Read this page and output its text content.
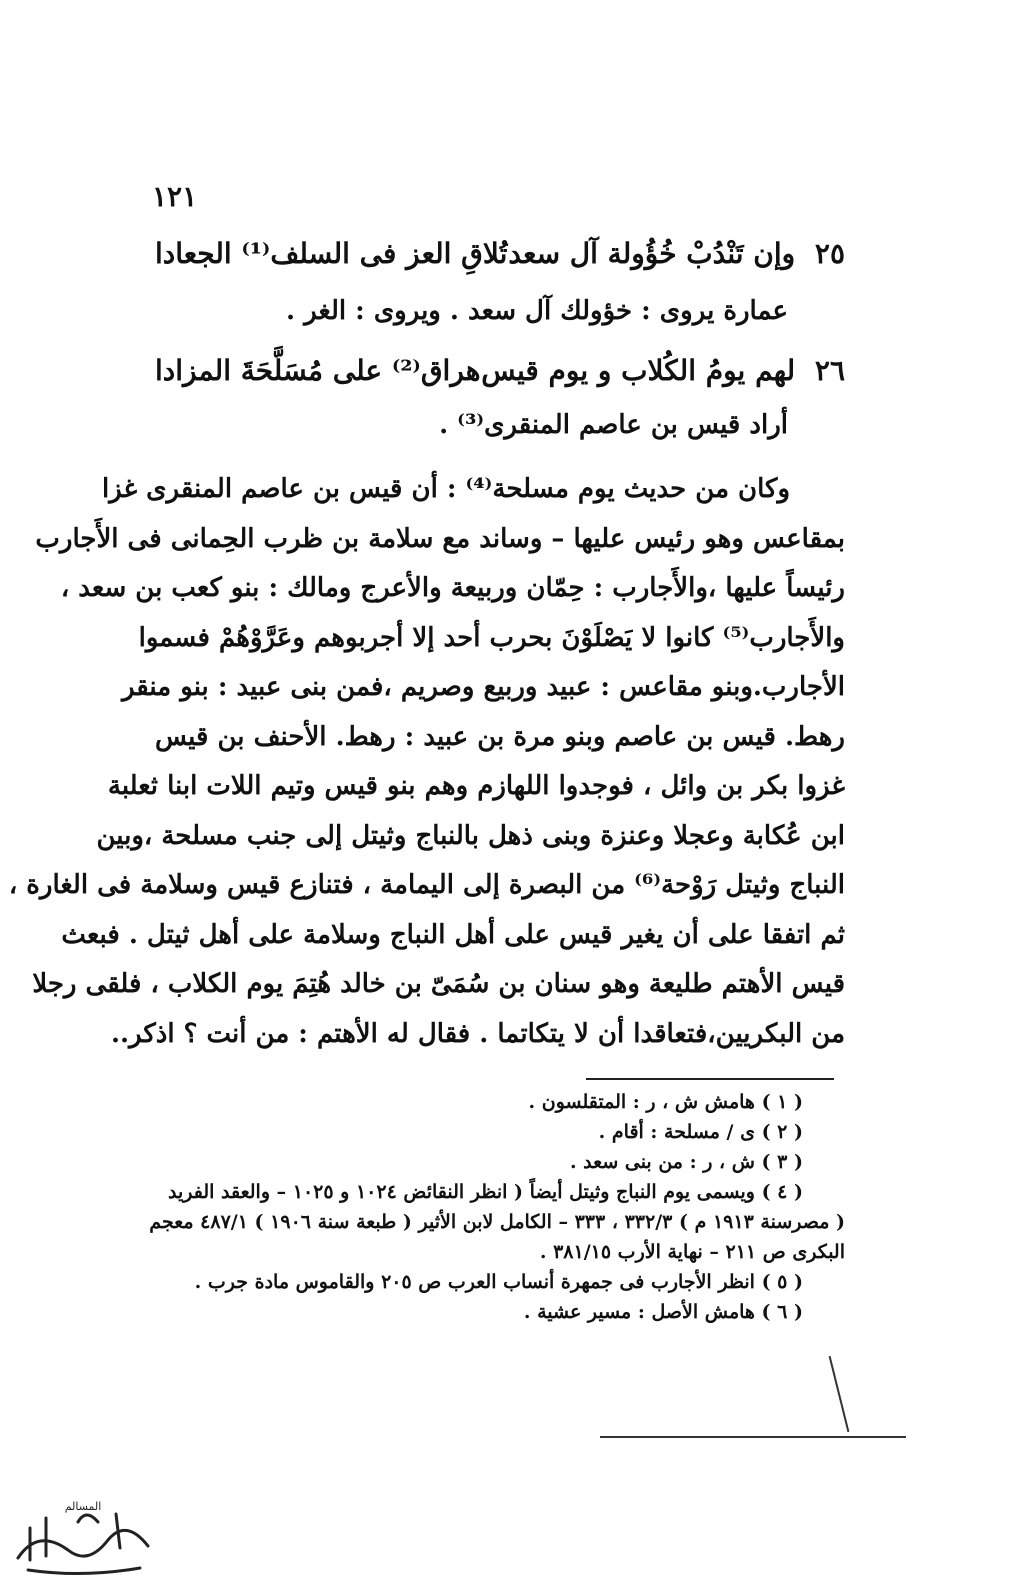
١٢١
٢٥ وإن تَنْدُبْ خُؤُولة آل سعد
تُلاقِ العز فى السلف⁽¹⁾ الجعادا
عمارة يروى : خؤولك آل سعد . ويروى : الغر .
٢٦ لهم يومُ الكُلاب و يوم قيس
هراق⁽²⁾ على مُسَلَّحَةَ المزادا
أراد قيس بن عاصم المنقرى⁽³⁾ .
وكان من حديث يوم مسلحة⁽⁴⁾ : أن قيس بن عاصم المنقرى غزا
بمقاعس وهو رئيس عليها – وساند مع سلامة بن ظرب الحِمانى فى الأَجارب
رئيساً عليها ،والأَجارب : حِمّان وربيعة والأعرج ومالك : بنو كعب بن سعد ،
والأَجارب⁽⁵⁾ كانوا لا يَصْلَوْنَ بحرب أحد إلا أجربوهم وعَرَّوْهُمْ فسموا
الأجارب.وبنو مقاعس : عبيد وربيع وصريم ،فمن بنى عبيد : بنو منقر
رهط. قيس بن عاصم وبنو مرة بن عبيد : رهط. الأحنف بن قيس
غزوا بكر بن وائل ، فوجدوا اللهازم وهم بنو قيس وتيم اللات ابنا ثعلبة
ابن عُكابة وعجلا وعنزة وبنى ذهل بالنباج وثيتل إلى جنب مسلحة ،وبين
النباج وثيتل رَوْحة⁽⁶⁾ من البصرة إلى اليمامة ، فتنازع قيس وسلامة فى الغارة ،
ثم اتفقا على أن يغير قيس على أهل النباج وسلامة على أهل ثيتل . فبعث
قيس الأهتم طليعة وهو سنان بن سُمَىّ بن خالد هُتِمَ يوم الكلاب ، فلقى رجلا
من البكريين،فتعاقدا أن لا يتكاتما . فقال له الأهتم : من أنت ؟ اذكر..
( ١ ) هامش ش ، ر : المتقلسون .
( ٢ ) ى / مسلحة : أقام .
( ٣ ) ش ، ر : من بنى سعد .
( ٤ ) ويسمى يوم النباج وثيتل أيضاً ( انظر النقائض ١٠٢٤ و ١٠٢٥ – والعقد الفريد
( مصرسنة ١٩١٣ م ) ٣٣٢/٣ ، ٣٣٣ – الكامل لابن الأثير ( طبعة سنة ١٩٠٦ ) ٤٨٧/١ معجم
البكرى ص ٢١١ – نهاية الأرب ٣٨١/١٥ .
( ٥ ) انظر الأجارب فى جمهرة أنساب العرب ص ٢٠٥ والقاموس مادة جرب .
( ٦ ) هامش الأصل : مسير عشية .
المسالم
